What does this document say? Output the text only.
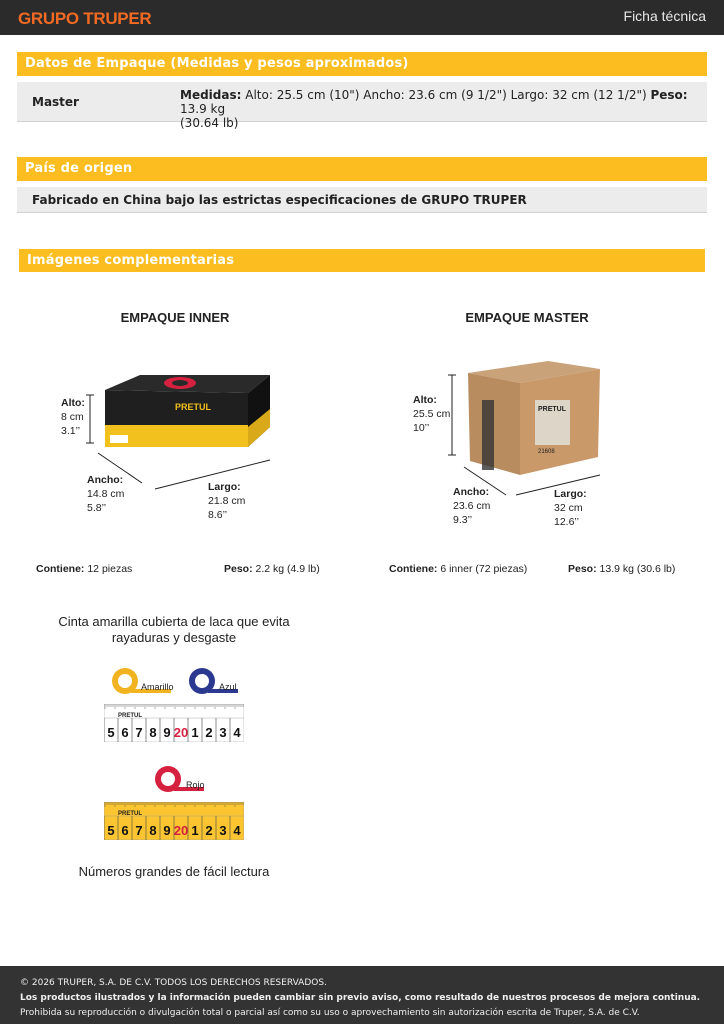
GRUPO TRUPER	Ficha técnica
Datos de Empaque (Medidas y pesos aproximados)
Master	Medidas: Alto: 25.5 cm (10") Ancho: 23.6 cm (9 1/2") Largo: 32 cm (12 1/2") Peso: 13.9 kg
(30.64 lb)
País de origen
Fabricado en China bajo las estrictas especificaciones de GRUPO TRUPER
Imágenes complementarias
EMPAQUE INNER
PRETUL
Alto:
8 cm
3.1’’
Ancho:
14.8 cm
5.8’’
Largo:
21.8 cm
8.6’’
Contiene: 12 piezas	Peso: 2.2 kg (4.9 lb)
EMPAQUE MASTER
PRETUL
21608
Alto:
25.5 cm
10’’
Ancho:
23.6 cm
9.3’’
Largo:
32 cm
12.6’’
Contiene: 6 inner (72 piezas)	Peso: 13.9 kg (30.6 lb)
Cinta amarilla cubierta de laca que evita
rayaduras y desgaste
Amarillo	Azul
PRETUL
5 6 7 8 9 20 1 2 3 4
Rojo
PRETUL
5 6 7 8 9 20 1 2 3 4
Números grandes de fácil lectura
© 2026 TRUPER, S.A. DE C.V. TODOS LOS DERECHOS RESERVADOS.
Los productos ilustrados y la información pueden cambiar sin previo aviso, como resultado de nuestros procesos de mejora continua.
Prohibida su reproducción o divulgación total o parcial así como su uso o aprovechamiento sin autorización escrita de Truper, S.A. de C.V.
